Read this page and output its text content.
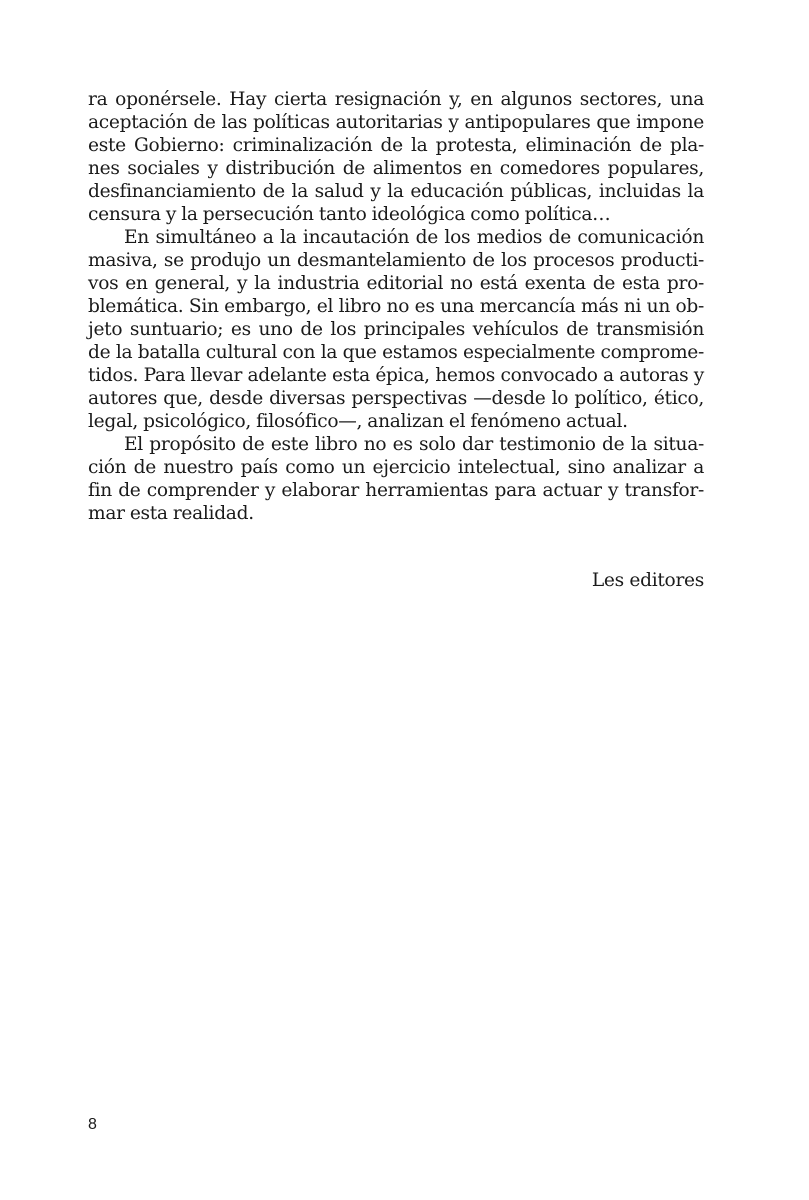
ra oponérsele. Hay cierta resignación y, en algunos sectores, una
aceptación de las políticas autoritarias y antipopulares que impone
este Gobierno: criminalización de la protesta, eliminación de pla-
nes sociales y distribución de alimentos en comedores populares,
desfinanciamiento de la salud y la educación públicas, incluidas la
censura y la persecución tanto ideológica como política…
En simultáneo a la incautación de los medios de comunicación
masiva, se produjo un desmantelamiento de los procesos producti-
vos en general, y la industria editorial no está exenta de esta pro-
blemática. Sin embargo, el libro no es una mercancía más ni un ob-
jeto suntuario; es uno de los principales vehículos de transmisión
de la batalla cultural con la que estamos especialmente comprome-
tidos. Para llevar adelante esta épica, hemos convocado a autoras y
autores que, desde diversas perspectivas —desde lo político, ético,
legal, psicológico, filosófico—, analizan el fenómeno actual.
El propósito de este libro no es solo dar testimonio de la situa-
ción de nuestro país como un ejercicio intelectual, sino analizar a
fin de comprender y elaborar herramientas para actuar y transfor-
mar esta realidad.
Les editores
8
